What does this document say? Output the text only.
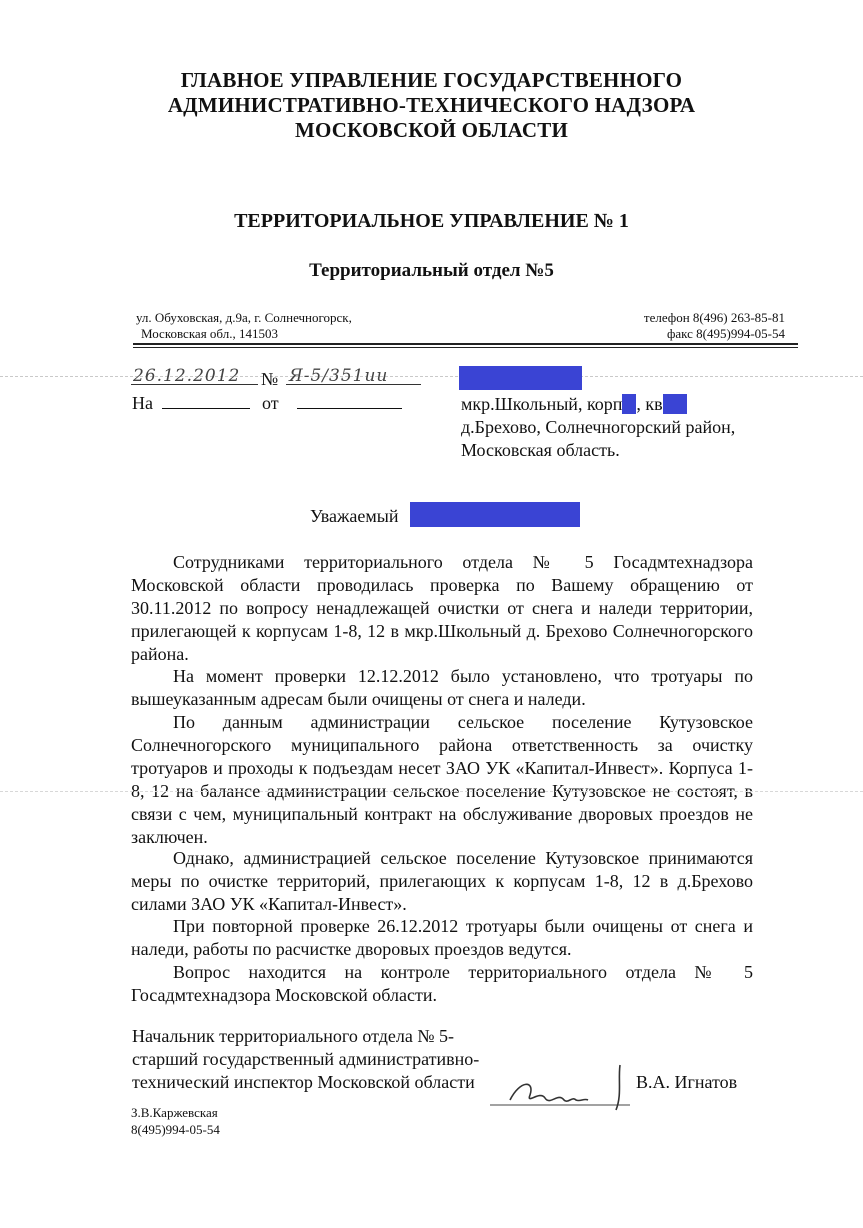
ГЛАВНОЕ УПРАВЛЕНИЕ ГОСУДАРСТВЕННОГО
АДМИНИСТРАТИВНО-ТЕХНИЧЕСКОГО НАДЗОРА
МОСКОВСКОЙ ОБЛАСТИ
ТЕРРИТОРИАЛЬНОЕ УПРАВЛЕНИЕ № 1
Территориальный отдел №5
ул. Обуховская, д.9а, г. Солнечногорск,
Московская обл., 141503
телефон 8(496) 263-85-81
факс 8(495)994-05-54
26.12.2012 № Я-5/351ии
На	от	мкр.Школьный, корп , кв
д.Брехово, Солнечногорский район,
Московская область.
Уважаемый
Сотрудниками территориального отдела № 5 Госадмтехнадзора Московской области проводилась проверка по Вашему обращению от 30.11.2012 по вопросу ненадлежащей очистки от снега и наледи территории, прилегающей к корпусам 1-8, 12 в мкр.Школьный д. Брехово Солнечногорского района.
На момент проверки 12.12.2012 было установлено, что тротуары по вышеуказанным адресам были очищены от снега и наледи.
По данным администрации сельское поселение Кутузовское Солнечногорского муниципального района ответственность за очистку тротуаров и проходы к подъездам несет ЗАО УК «Капитал-Инвест». Корпуса 1-8, 12 на балансе администрации сельское поселение Кутузовское не состоят, в связи с чем, муниципальный контракт на обслуживание дворовых проездов не заключен.
Однако, администрацией сельское поселение Кутузовское принимаются меры по очистке территорий, прилегающих к корпусам 1-8, 12 в д.Брехово силами ЗАО УК «Капитал-Инвест».
При повторной проверке 26.12.2012 тротуары были очищены от снега и наледи, работы по расчистке дворовых проездов ведутся.
Вопрос находится на контроле территориального отдела № 5 Госадмтехнадзора Московской области.
Начальник территориального отдела № 5-
старший государственный административно-
технический инспектор Московской области	В.А. Игнатов
З.В.Каржевская
8(495)994-05-54
